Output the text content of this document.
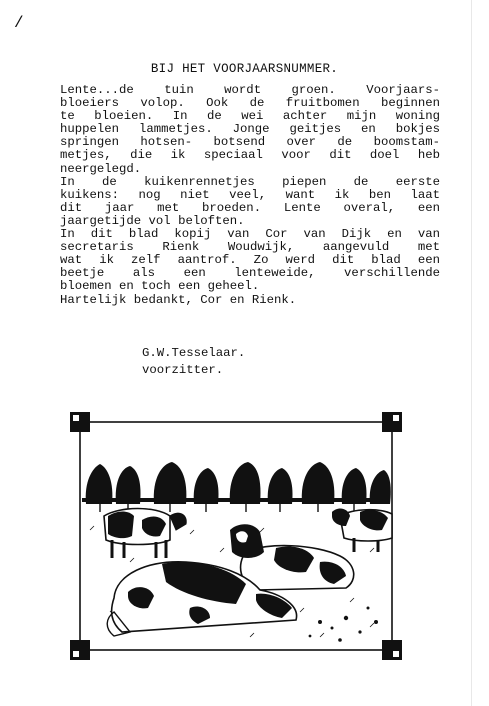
/
BIJ HET VOORJAARSNUMMER.
Lente...de tuin wordt groen. Voorjaars-
bloeiers volop. Ook de fruitbomen beginnen
te bloeien. In de wei achter mijn woning
huppelen lammetjes. Jonge geitjes en bokjes
springen hotsen- botsend over de boomstam-
metjes, die ik speciaal voor dit doel heb
neergelegd.
In de kuikenrennetjes piepen de eerste
kuikens: nog niet veel, want ik ben laat
dit jaar met broeden. Lente overal, een
jaargetijde vol beloften.
In dit blad kopij van Cor van Dijk en van
secretaris Rienk Woudwijk, aangevuld met
wat ik zelf aantrof. Zo werd dit blad een
beetje als een lenteweide, verschillende
bloemen en toch een geheel.
Hartelijk bedankt, Cor en Rienk.
G.W.Tesselaar.
voorzitter.
